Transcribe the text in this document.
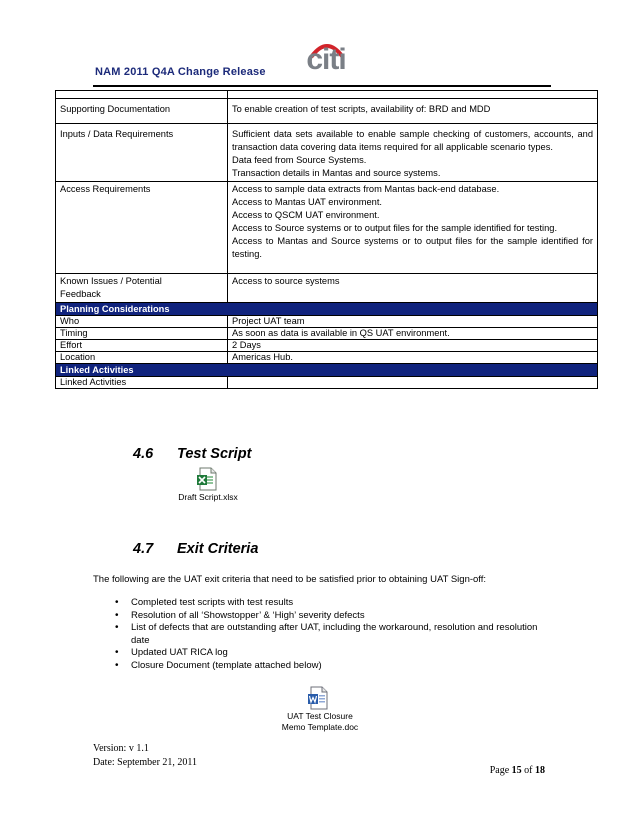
NAM 2011 Q4A Change Release	citi

Supporting Documentation	To enable creation of test scripts, availability of: BRD and MDD

Inputs / Data Requirements	Sufficient data sets available to enable sample checking of customers, accounts, and transaction data covering data items required for all applicable scenario types.
Data feed from Source Systems.
Transaction details in Mantas and source systems.

Access Requirements	Access to sample data extracts from Mantas back-end database.
Access to Mantas UAT environment.
Access to QSCM UAT environment.
Access to Source systems or to output files for the sample identified for testing.
Access to Mantas and Source systems or to output files for the sample identified for testing.

Known Issues / Potential Feedback	Access to source systems

Planning Considerations	
Who	Project UAT team
Timing	As soon as data is available in QS UAT environment.
Effort	2 Days
Location	Americas Hub.
Linked Activities	
Linked Activities	
4.6 Test Script
Draft Script.xlsx
4.7 Exit Criteria
The following are the UAT exit criteria that need to be satisfied prior to obtaining UAT Sign-off:
• Completed test scripts with test results
• Resolution of all ‘Showstopper’ & ‘High’ severity defects
• List of defects that are outstanding after UAT, including the workaround, resolution and resolution date
• Updated UAT RICA log
• Closure Document (template attached below)
UAT Test Closure
Memo Template.doc
Version: v 1.1
Date: September 21, 2011
Page 15 of 18
